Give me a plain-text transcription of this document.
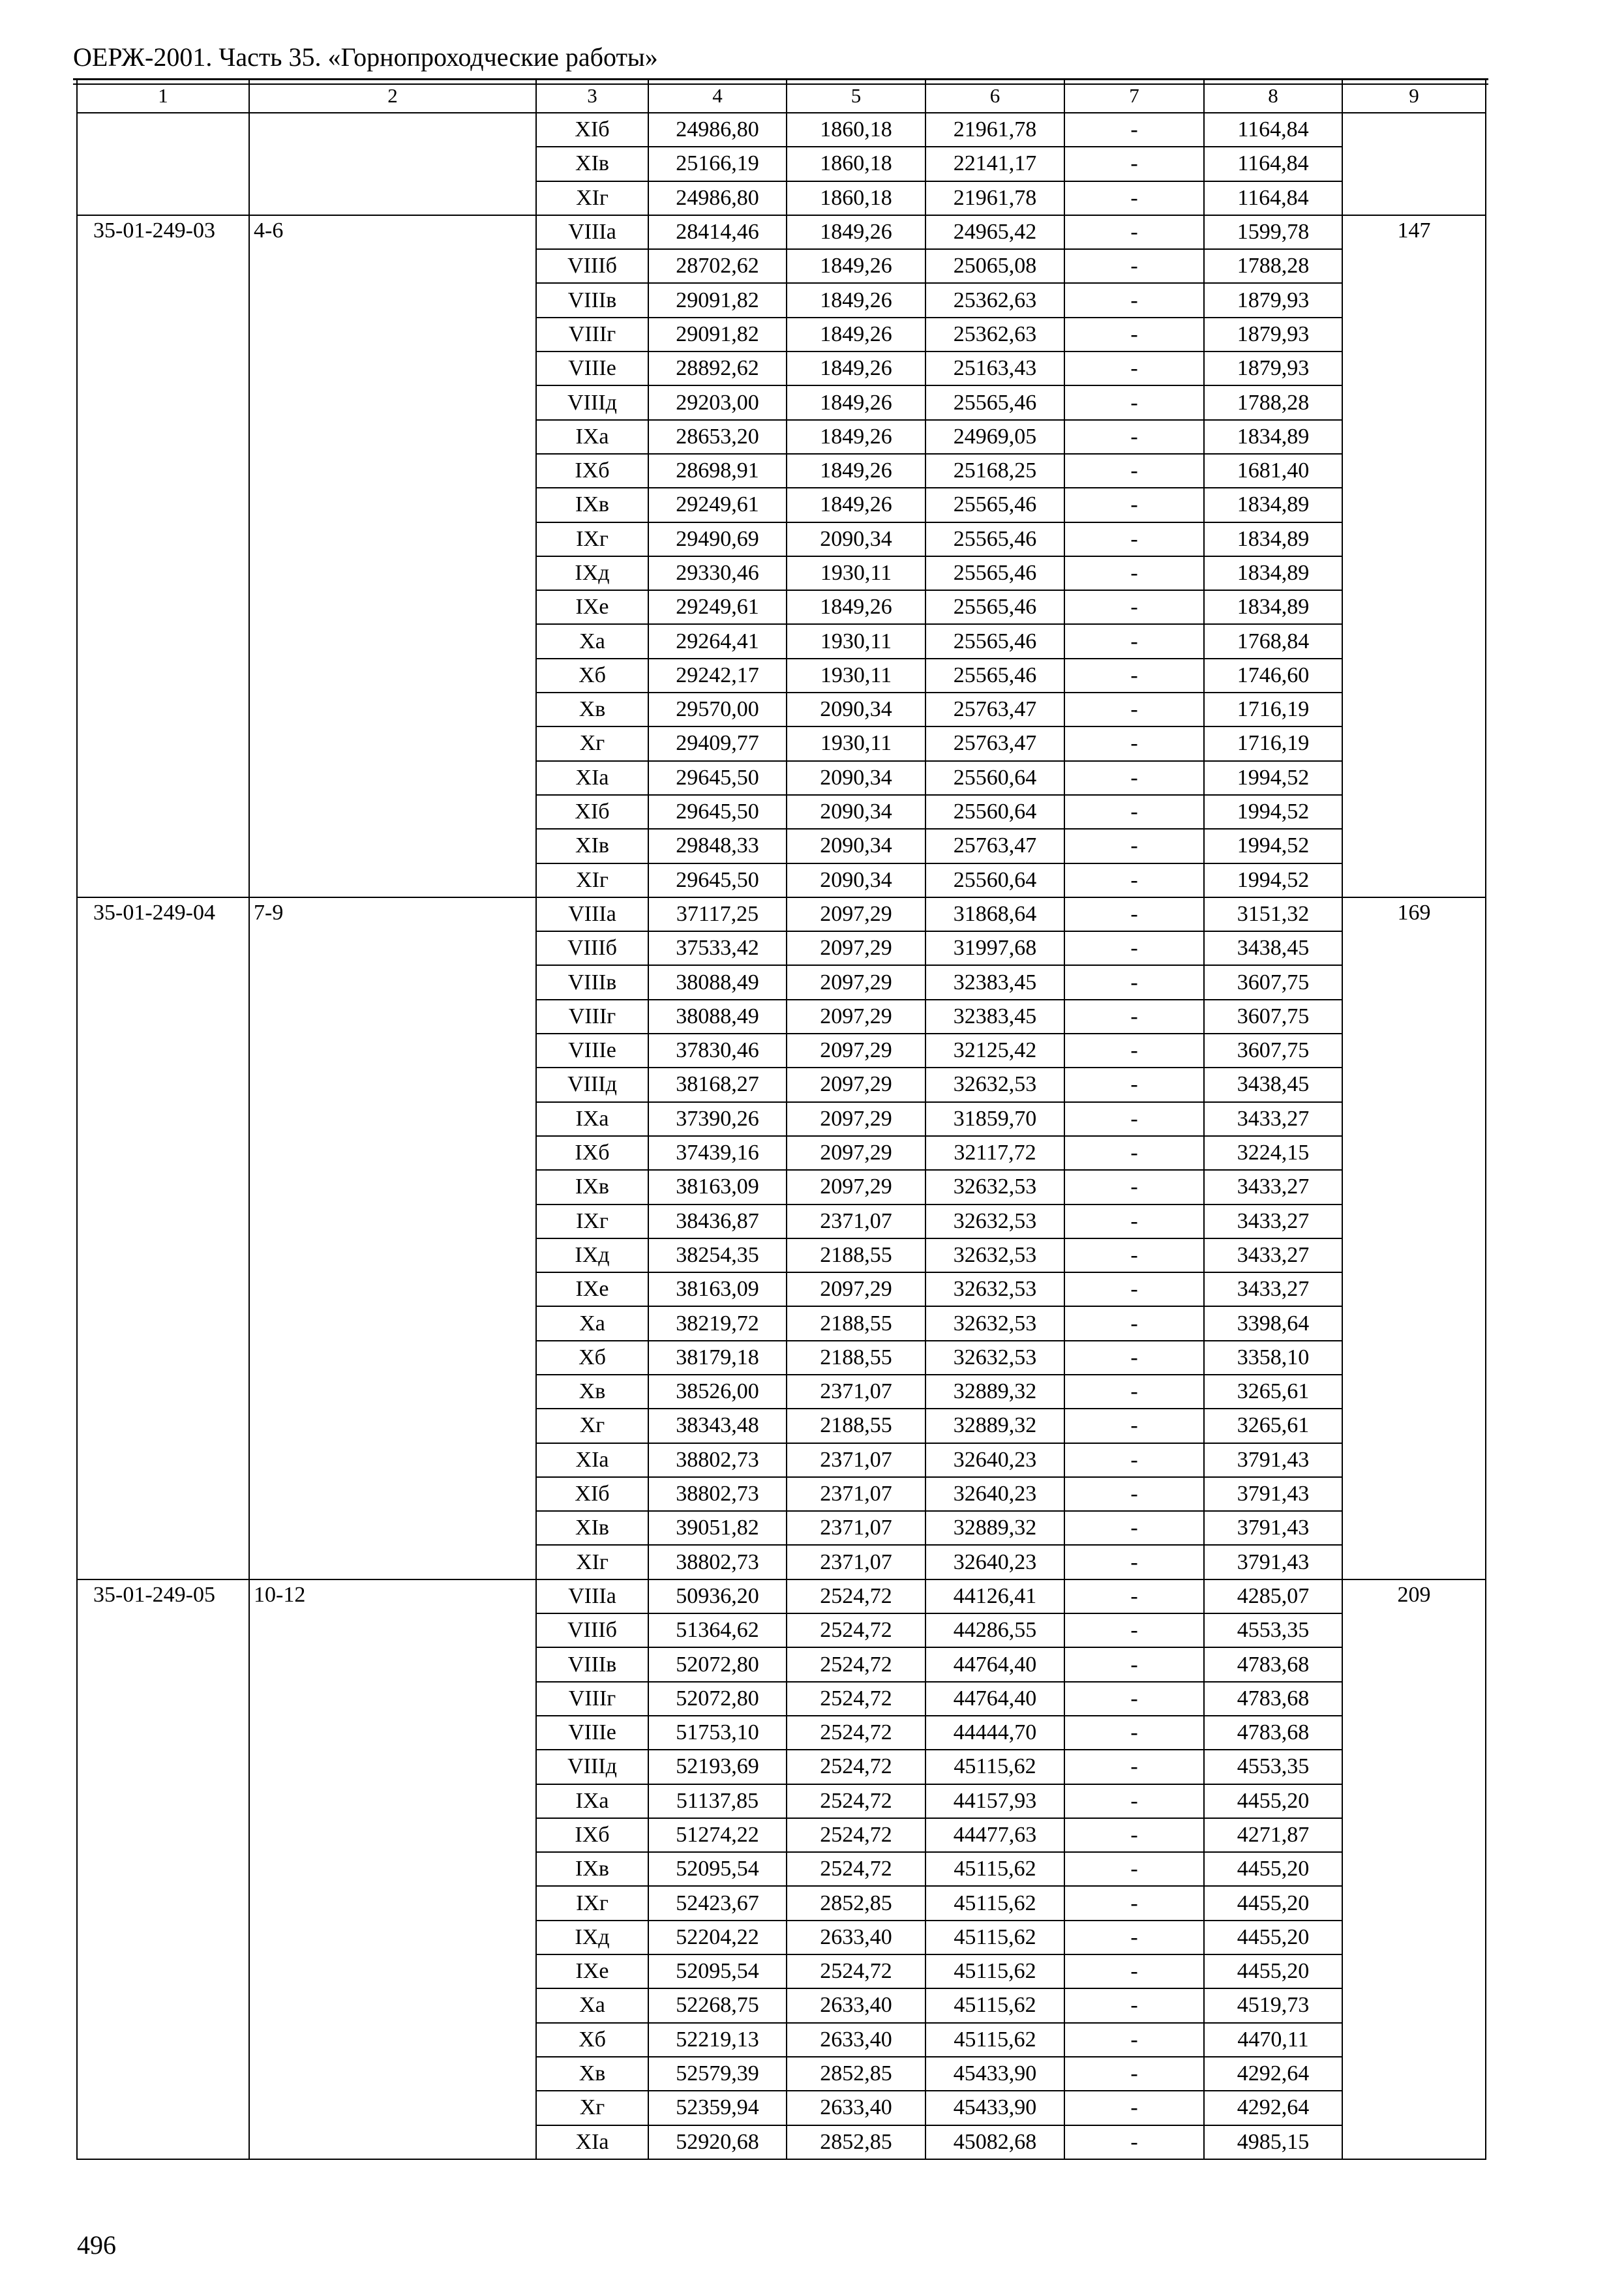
ОЕРЖ-2001. Часть 35. «Горнопроходческие работы»
1	2	3	4	5	6	7	8	9
		XIб	24986,80	1860,18	21961,78	-	1164,84	
		XIв	25166,19	1860,18	22141,17	-	1164,84	
		XIг	24986,80	1860,18	21961,78	-	1164,84	
35-01-249-03	4-6	VIIIа	28414,46	1849,26	24965,42	-	1599,78	147
		VIIIб	28702,62	1849,26	25065,08	-	1788,28	
		VIIIв	29091,82	1849,26	25362,63	-	1879,93	
		VIIIг	29091,82	1849,26	25362,63	-	1879,93	
		VIIIе	28892,62	1849,26	25163,43	-	1879,93	
		VIIIд	29203,00	1849,26	25565,46	-	1788,28	
		IXа	28653,20	1849,26	24969,05	-	1834,89	
		IXб	28698,91	1849,26	25168,25	-	1681,40	
		IXв	29249,61	1849,26	25565,46	-	1834,89	
		IXг	29490,69	2090,34	25565,46	-	1834,89	
		IXд	29330,46	1930,11	25565,46	-	1834,89	
		IXе	29249,61	1849,26	25565,46	-	1834,89	
		Xа	29264,41	1930,11	25565,46	-	1768,84	
		Xб	29242,17	1930,11	25565,46	-	1746,60	
		Xв	29570,00	2090,34	25763,47	-	1716,19	
		Xг	29409,77	1930,11	25763,47	-	1716,19	
		XIа	29645,50	2090,34	25560,64	-	1994,52	
		XIб	29645,50	2090,34	25560,64	-	1994,52	
		XIв	29848,33	2090,34	25763,47	-	1994,52	
		XIг	29645,50	2090,34	25560,64	-	1994,52	
35-01-249-04	7-9	VIIIа	37117,25	2097,29	31868,64	-	3151,32	169
		VIIIб	37533,42	2097,29	31997,68	-	3438,45	
		VIIIв	38088,49	2097,29	32383,45	-	3607,75	
		VIIIг	38088,49	2097,29	32383,45	-	3607,75	
		VIIIе	37830,46	2097,29	32125,42	-	3607,75	
		VIIIд	38168,27	2097,29	32632,53	-	3438,45	
		IXа	37390,26	2097,29	31859,70	-	3433,27	
		IXб	37439,16	2097,29	32117,72	-	3224,15	
		IXв	38163,09	2097,29	32632,53	-	3433,27	
		IXг	38436,87	2371,07	32632,53	-	3433,27	
		IXд	38254,35	2188,55	32632,53	-	3433,27	
		IXе	38163,09	2097,29	32632,53	-	3433,27	
		Xа	38219,72	2188,55	32632,53	-	3398,64	
		Xб	38179,18	2188,55	32632,53	-	3358,10	
		Xв	38526,00	2371,07	32889,32	-	3265,61	
		Xг	38343,48	2188,55	32889,32	-	3265,61	
		XIа	38802,73	2371,07	32640,23	-	3791,43	
		XIб	38802,73	2371,07	32640,23	-	3791,43	
		XIв	39051,82	2371,07	32889,32	-	3791,43	
		XIг	38802,73	2371,07	32640,23	-	3791,43	
35-01-249-05	10-12	VIIIа	50936,20	2524,72	44126,41	-	4285,07	209
		VIIIб	51364,62	2524,72	44286,55	-	4553,35	
		VIIIв	52072,80	2524,72	44764,40	-	4783,68	
		VIIIг	52072,80	2524,72	44764,40	-	4783,68	
		VIIIе	51753,10	2524,72	44444,70	-	4783,68	
		VIIIд	52193,69	2524,72	45115,62	-	4553,35	
		IXа	51137,85	2524,72	44157,93	-	4455,20	
		IXб	51274,22	2524,72	44477,63	-	4271,87	
		IXв	52095,54	2524,72	45115,62	-	4455,20	
		IXг	52423,67	2852,85	45115,62	-	4455,20	
		IXд	52204,22	2633,40	45115,62	-	4455,20	
		IXе	52095,54	2524,72	45115,62	-	4455,20	
		Xа	52268,75	2633,40	45115,62	-	4519,73	
		Xб	52219,13	2633,40	45115,62	-	4470,11	
		Xв	52579,39	2852,85	45433,90	-	4292,64	
		Xг	52359,94	2633,40	45433,90	-	4292,64	
		XIа	52920,68	2852,85	45082,68	-	4985,15	
496
